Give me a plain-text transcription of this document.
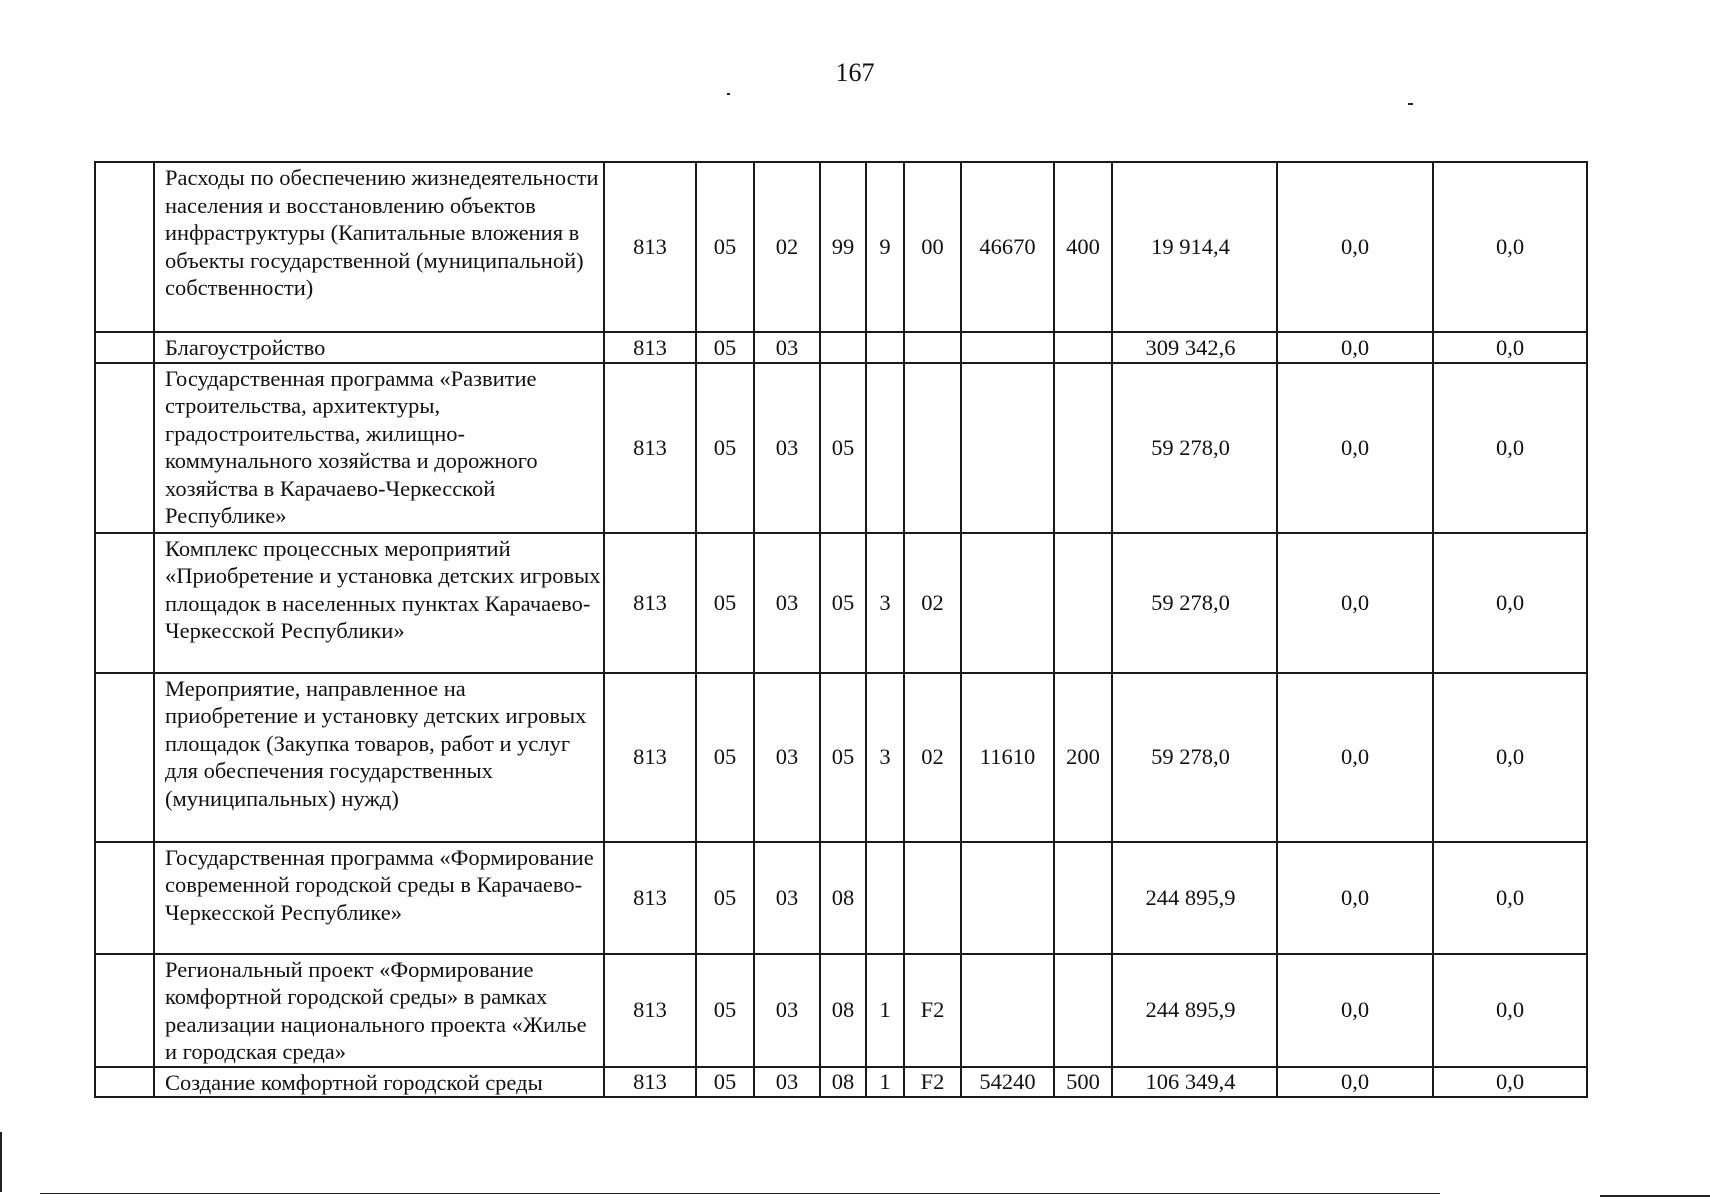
167
	Расходы по обеспечению жизнедеятельности населения и восстановлению объектов инфраструктуры (Капитальные вложения в объекты государственной (муниципальной) собственности)	813	05	02	99	9	00	46670	400	19 914,4	0,0	0,0
	Благоустройство	813	05	03						309 342,6	0,0	0,0
	Государственная программа «Развитие строительства, архитектуры, градостроительства, жилищно-коммунального хозяйства и дорожного хозяйства в Карачаево-Черкесской Республике»	813	05	03	05					59 278,0	0,0	0,0
	Комплекс процессных мероприятий «Приобретение и установка детских игровых площадок в населенных пунктах Карачаево-Черкесской Республики»	813	05	03	05	3	02			59 278,0	0,0	0,0
	Мероприятие, направленное на приобретение и установку детских игровых площадок (Закупка товаров, работ и услуг для обеспечения государственных (муниципальных) нужд)	813	05	03	05	3	02	11610	200	59 278,0	0,0	0,0
	Государственная программа «Формирование современной городской среды в Карачаево-Черкесской Республике»	813	05	03	08					244 895,9	0,0	0,0
	Региональный проект «Формирование комфортной городской среды» в рамках реализации национального проекта «Жилье и городская среда»	813	05	03	08	1	F2			244 895,9	0,0	0,0
	Создание комфортной городской среды	813	05	03	08	1	F2	54240	500	106 349,4	0,0	0,0
